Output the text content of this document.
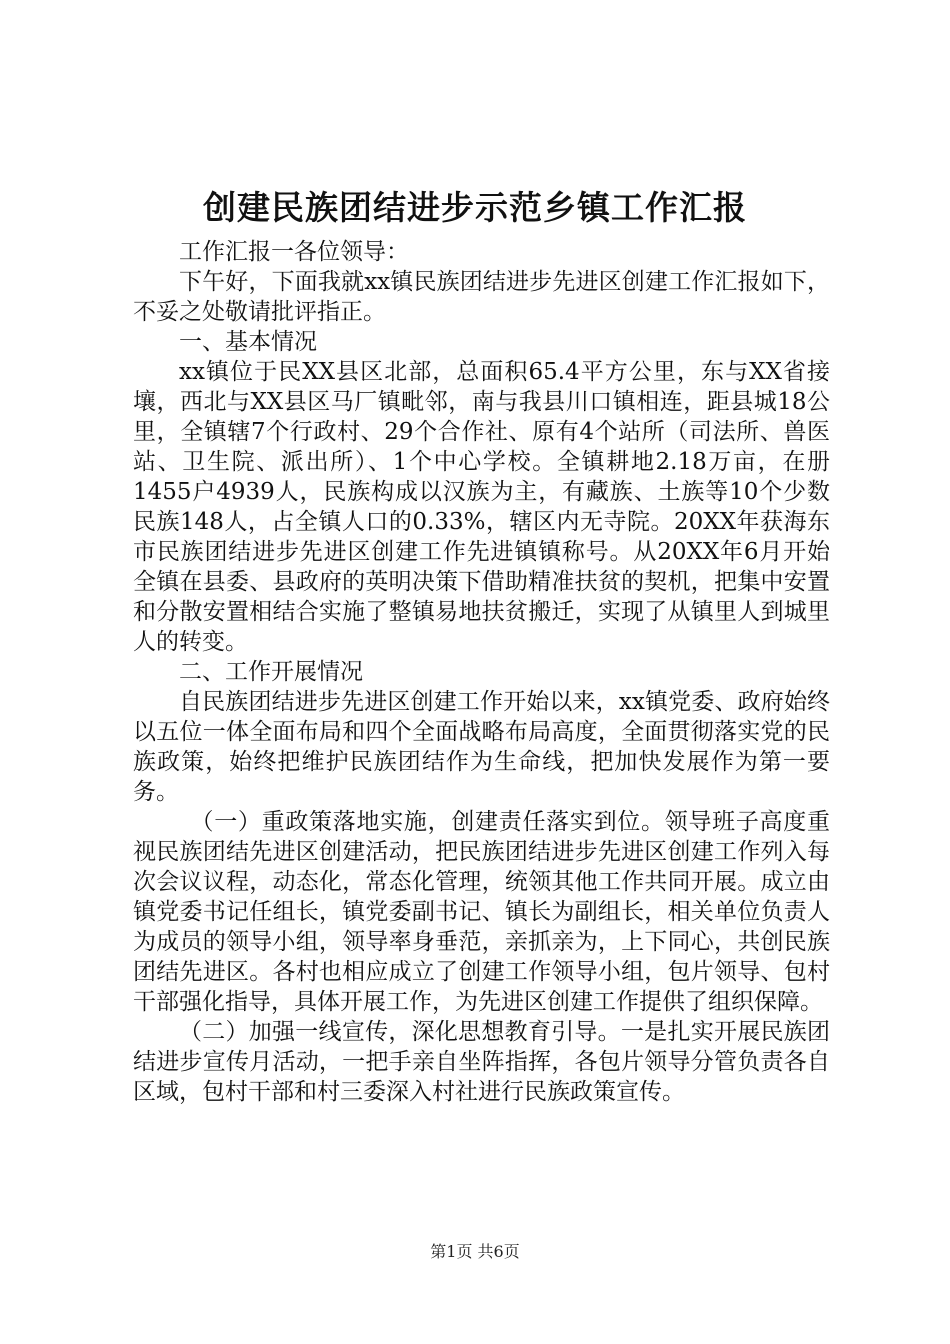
创建民族团结进步示范乡镇工作汇报

工作汇报一各位领导：

下午好，下面我就xx镇民族团结进步先进区创建工作汇报如下，不妥之处敬请批评指正。

一、基本情况

xx镇位于民XX县区北部，总面积65.4平方公里，东与XX省接壤，西北与XX县区马厂镇毗邻，南与我县川口镇相连，距县城18公里，全镇辖7个行政村、29个合作社、原有4个站所（司法所、兽医站、卫生院、派出所）、1个中心学校。全镇耕地2.18万亩，在册1455户4939人，民族构成以汉族为主，有藏族、土族等10个少数民族148人，占全镇人口的0.33%，辖区内无寺院。20XX年获海东市民族团结进步先进区创建工作先进镇镇称号。从20XX年6月开始全镇在县委、县政府的英明决策下借助精准扶贫的契机，把集中安置和分散安置相结合实施了整镇易地扶贫搬迁，实现了从镇里人到城里人的转变。

二、工作开展情况

自民族团结进步先进区创建工作开始以来，xx镇党委、政府始终以五位一体全面布局和四个全面战略布局高度，全面贯彻落实党的民族政策，始终把维护民族团结作为生命线，把加快发展作为第一要务。

（一）重政策落地实施，创建责任落实到位。领导班子高度重视民族团结先进区创建活动，把民族团结进步先进区创建工作列入每次会议议程，动态化，常态化管理，统领其他工作共同开展。成立由镇党委书记任组长，镇党委副书记、镇长为副组长，相关单位负责人为成员的领导小组，领导率身垂范，亲抓亲为，上下同心，共创民族团结先进区。各村也相应成立了创建工作领导小组，包片领导、包村干部强化指导，具体开展工作，为先进区创建工作提供了组织保障。

（二）加强一线宣传，深化思想教育引导。一是扎实开展民族团结进步宣传月活动，一把手亲自坐阵指挥，各包片领导分管负责各自区域，包村干部和村三委深入村社进行民族政策宣传。

第1页 共6页
